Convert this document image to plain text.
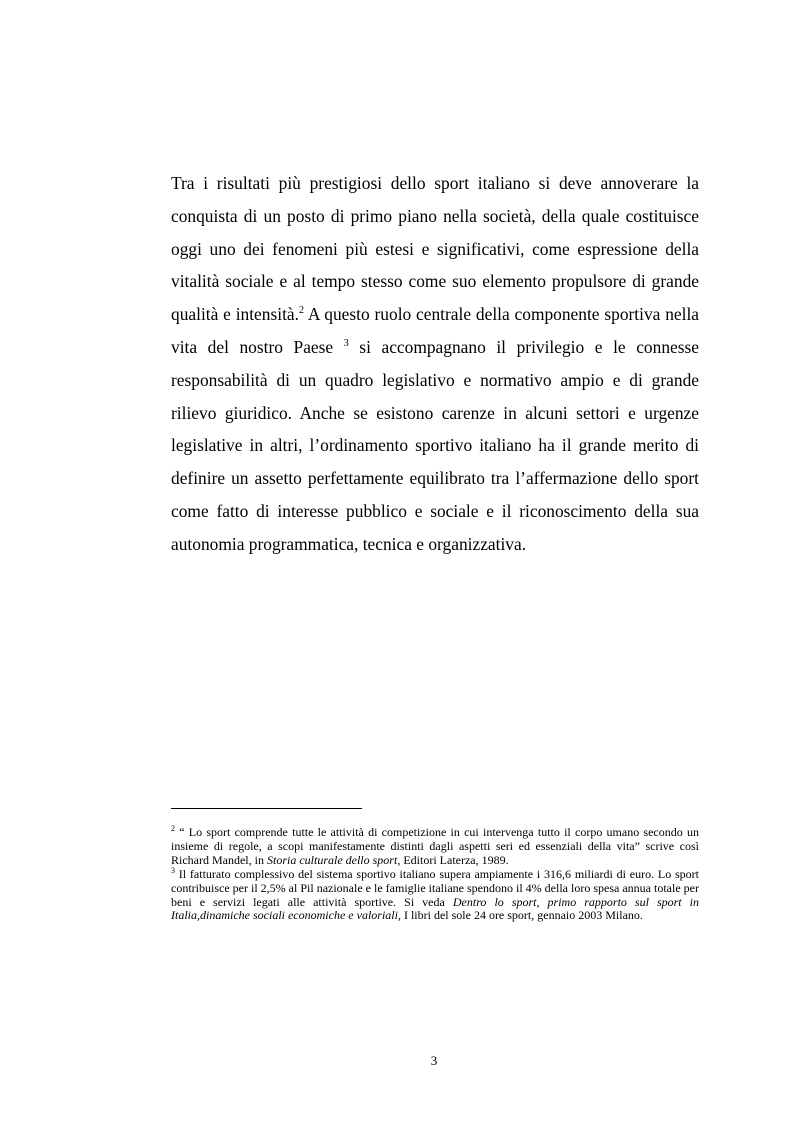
Tra i risultati più prestigiosi dello sport italiano si deve annoverare la conquista di un posto di primo piano nella società, della quale costituisce oggi uno dei fenomeni più estesi e significativi, come espressione della vitalità sociale e al tempo stesso come suo elemento propulsore di grande qualità e intensità.$^2$ A questo ruolo centrale della componente sportiva nella vita del nostro Paese $^3$ si accompagnano il privilegio e le connesse responsabilità di un quadro legislativo e normativo ampio e di grande rilievo giuridico. Anche se esistono carenze in alcuni settori e urgenze legislative in altri, l’ordinamento sportivo italiano ha il grande merito di definire un assetto perfettamente equilibrato tra l’affermazione dello sport come fatto di interesse pubblico e sociale e il riconoscimento della sua autonomia programmatica, tecnica e organizzativa.

$^2$ “ Lo sport comprende tutte le attività di competizione in cui intervenga tutto il corpo umano secondo un insieme di regole, a scopi manifestamente distinti dagli aspetti seri ed essenziali della vita” scrive così Richard Mandel, in Storia culturale dello sport, Editori Laterza, 1989.

$^3$ Il fatturato complessivo del sistema sportivo italiano supera ampiamente i 316,6 miliardi di euro. Lo sport contribuisce per il 2,5% al Pil nazionale e le famiglie italiane spendono il 4% della loro spesa annua totale per beni e servizi legati alle attività sportive. Si veda Dentro lo sport, primo rapporto sul sport in Italia,dinamiche sociali economiche e valoriali, I libri del sole 24 ore sport, gennaio 2003 Milano.

3
